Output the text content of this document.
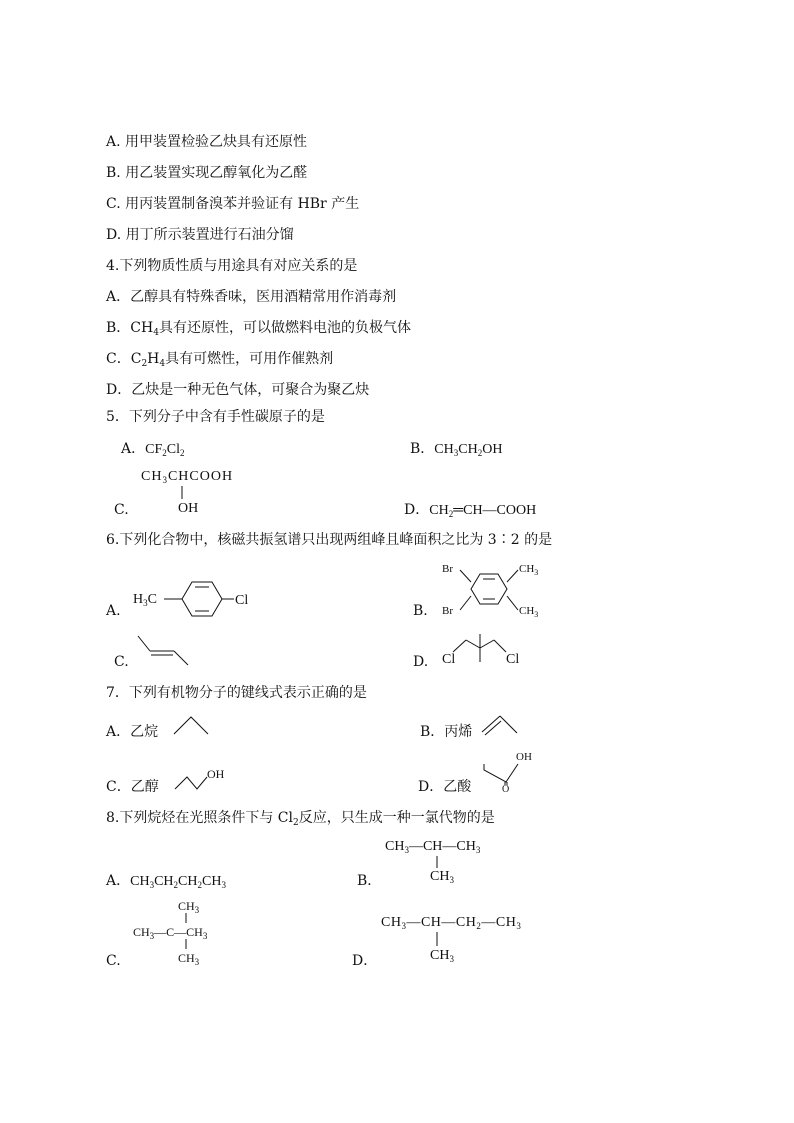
A. 用甲装置检验乙炔具有还原性
B. 用乙装置实现乙醇氧化为乙醛
C. 用丙装置制备溴苯并验证有 HBr 产生
D. 用丁所示装置进行石油分馏
4.下列物质性质与用途具有对应关系的是
A．乙醇具有特殊香味，医用酒精常用作消毒剂
B．$CH_4$具有还原性，可以做燃料电池的负极气体
C．$C_2H_4$具有可燃性，可用作催熟剂
D．乙炔是一种无色气体，可聚合为聚乙炔
5．下列分子中含有手性碳原子的是
A．$CF_2Cl_2$	B．$CH_3CH_2OH$
$CH_3CHCOOH$
OH
C.	D．$CH_2═CH—COOH$
6.下列化合物中，核磁共振氢谱只出现两组峰且峰面积之比为 3∶2 的是
A.
$H_3C$	Cl
B.
Br
Br
$CH_3$
$CH_3$
C.	D. Cl	Cl
7．下列有机物分子的键线式表示正确的是
A．乙烷	B．丙烯
C．乙醇
OH
D．乙酸
OH
O
8.下列烷烃在光照条件下与 $Cl_2$反应，只生成一种一氯代物的是
A．$CH_3CH_2CH_2CH_3$	B．
$CH_3—CH—CH_3$
$CH_3$
$CH_3$
$CH_3—C—CH_3$
$CH_3$
C.
$CH_3—CH—CH_2—CH_3$
$CH_3$
D．
